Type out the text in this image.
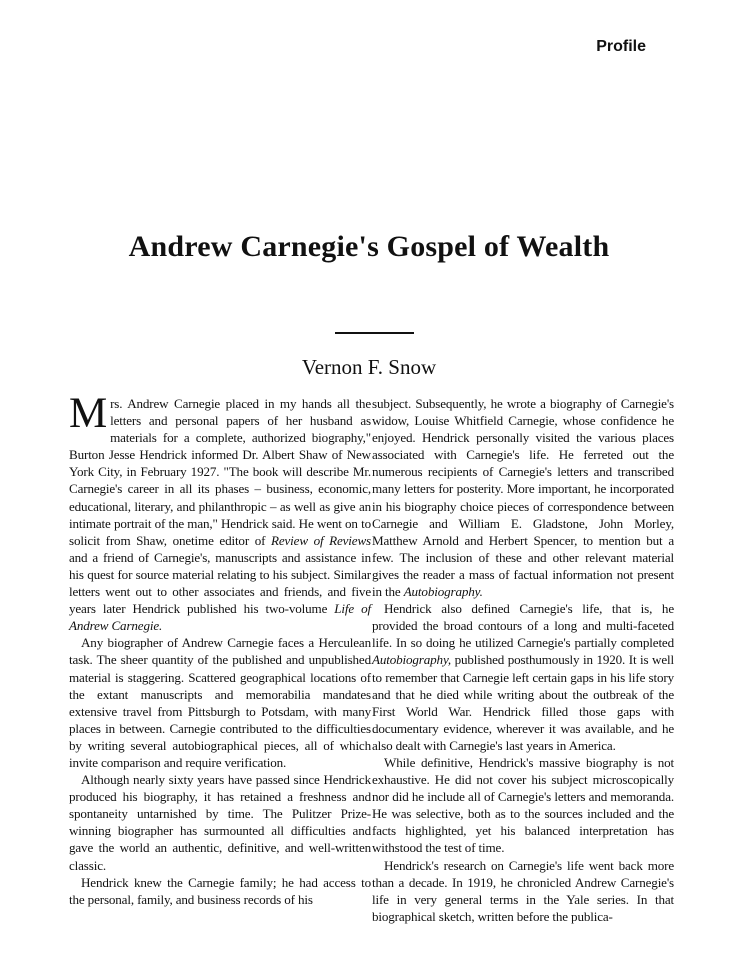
Profile
Andrew Carnegie's Gospel of Wealth
Vernon F. Snow

Mrs. Andrew Carnegie placed in my hands all the letters and personal papers of her husband as materials for a complete, authorized biography," Burton Jesse Hendrick informed Dr. Albert Shaw of New York City, in February 1927. "The book will describe Mr. Carnegie's career in all its phases – business, economic, educational, literary, and philanthropic – as well as give an intimate portrait of the man," Hendrick said. He went on to solicit from Shaw, onetime editor of Review of Reviews and a friend of Carnegie's, manuscripts and assistance in his quest for source material relating to his subject. Similar letters went out to other associates and friends, and five years later Hendrick published his two-volume Life of Andrew Carnegie.

Any biographer of Andrew Carnegie faces a Herculean task. The sheer quantity of the published and unpublished material is staggering. Scattered geographical locations of the extant manuscripts and memorabilia mandates extensive travel from Pittsburgh to Potsdam, with many places in between. Carnegie contributed to the difficulties by writing several autobiographical pieces, all of which invite comparison and require verification.

Although nearly sixty years have passed since Hendrick produced his biography, it has retained a freshness and spontaneity untarnished by time. The Pulitzer Prize-winning biographer has surmounted all difficulties and gave the world an authentic, definitive, and well-written classic.

Hendrick knew the Carnegie family; he had access to the personal, family, and business records of his

subject. Subsequently, he wrote a biography of Carnegie's widow, Louise Whitfield Carnegie, whose confidence he enjoyed. Hendrick personally visited the various places associated with Carnegie's life. He ferreted out the numerous recipients of Carnegie's letters and transcribed many letters for posterity. More important, he incorporated in his biography choice pieces of correspondence between Carnegie and William E. Gladstone, John Morley, Matthew Arnold and Herbert Spencer, to mention but a few. The inclusion of these and other relevant material gives the reader a mass of factual information not present in the Autobiography.

Hendrick also defined Carnegie's life, that is, he provided the broad contours of a long and multi-faceted life. In so doing he utilized Carnegie's partially completed Autobiography, published posthumously in 1920. It is well to remember that Carnegie left certain gaps in his life story and that he died while writing about the outbreak of the First World War. Hendrick filled those gaps with documentary evidence, wherever it was available, and he also dealt with Carnegie's last years in America.

While definitive, Hendrick's massive biography is not exhaustive. He did not cover his subject microscopically nor did he include all of Carnegie's letters and memoranda. He was selective, both as to the sources included and the facts highlighted, yet his balanced interpretation has withstood the test of time.

Hendrick's research on Carnegie's life went back more than a decade. In 1919, he chronicled Andrew Carnegie's life in very general terms in the Yale series. In that biographical sketch, written before the publica-
